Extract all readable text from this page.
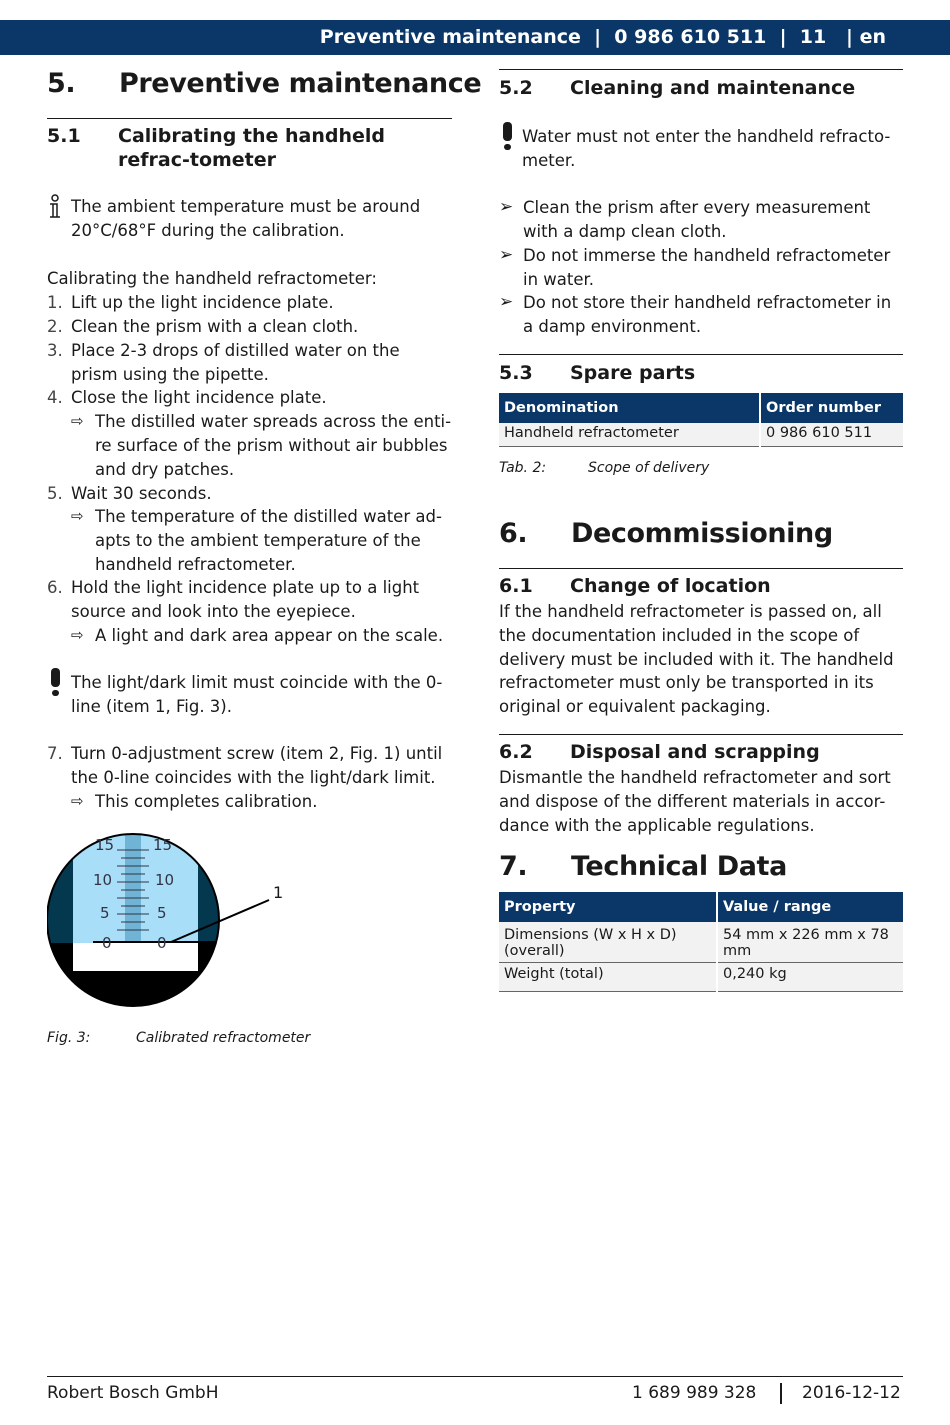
Preventive maintenance  |  0 986 610 511  |  11   | en
5. Preventive maintenance
5.1 Calibrating the handheld refrac-tometer
The ambient temperature must be around 20°C/68°F during the calibration.
Calibrating the handheld refractometer:
1. Lift up the light incidence plate.
2. Clean the prism with a clean cloth.
3. Place 2-3 drops of distilled water on the prism using the pipette.
4. Close the light incidence plate.
⇨ The distilled water spreads across the enti-re surface of the prism without air bubbles and dry patches.
5. Wait 30 seconds.
⇨ The temperature of the distilled water ad-apts to the ambient temperature of the handheld refractometer.
6. Hold the light incidence plate up to a light source and look into the eyepiece.
⇨ A light and dark area appear on the scale.
The light/dark limit must coincide with the 0-line (item 1, Fig. 3).
7. Turn 0-adjustment screw (item 2, Fig. 1) until the 0-line coincides with the light/dark limit.
⇨ This completes calibration.
15	15
10	10
5	5
0	0
1
Fig. 3:	Calibrated refractometer
5.2 Cleaning and maintenance
Water must not enter the handheld refracto-meter.
➢ Clean the prism after every measurement with a damp clean cloth.
➢ Do not immerse the handheld refractometer in water.
➢ Do not store their handheld refractometer in a damp environment.
5.3 Spare parts
Denomination	Order number
Handheld refractometer	0 986 610 511
Tab. 2:	Scope of delivery
6. Decommissioning
6.1 Change of location
If the handheld refractometer is passed on, all the documentation included in the scope of delivery must be included with it. The handheld refractometer must only be transported in its original or equivalent packaging.
6.2 Disposal and scrapping
Dismantle the handheld refractometer and sort and dispose of the different materials in accor-dance with the applicable regulations.
7. Technical Data
Property	Value / range
Dimensions (W x H x D) (overall)	54 mm x 226 mm x 78 mm
Weight (total)	0,240 kg
Robert Bosch GmbH	1 689 989 328	2016-12-12
